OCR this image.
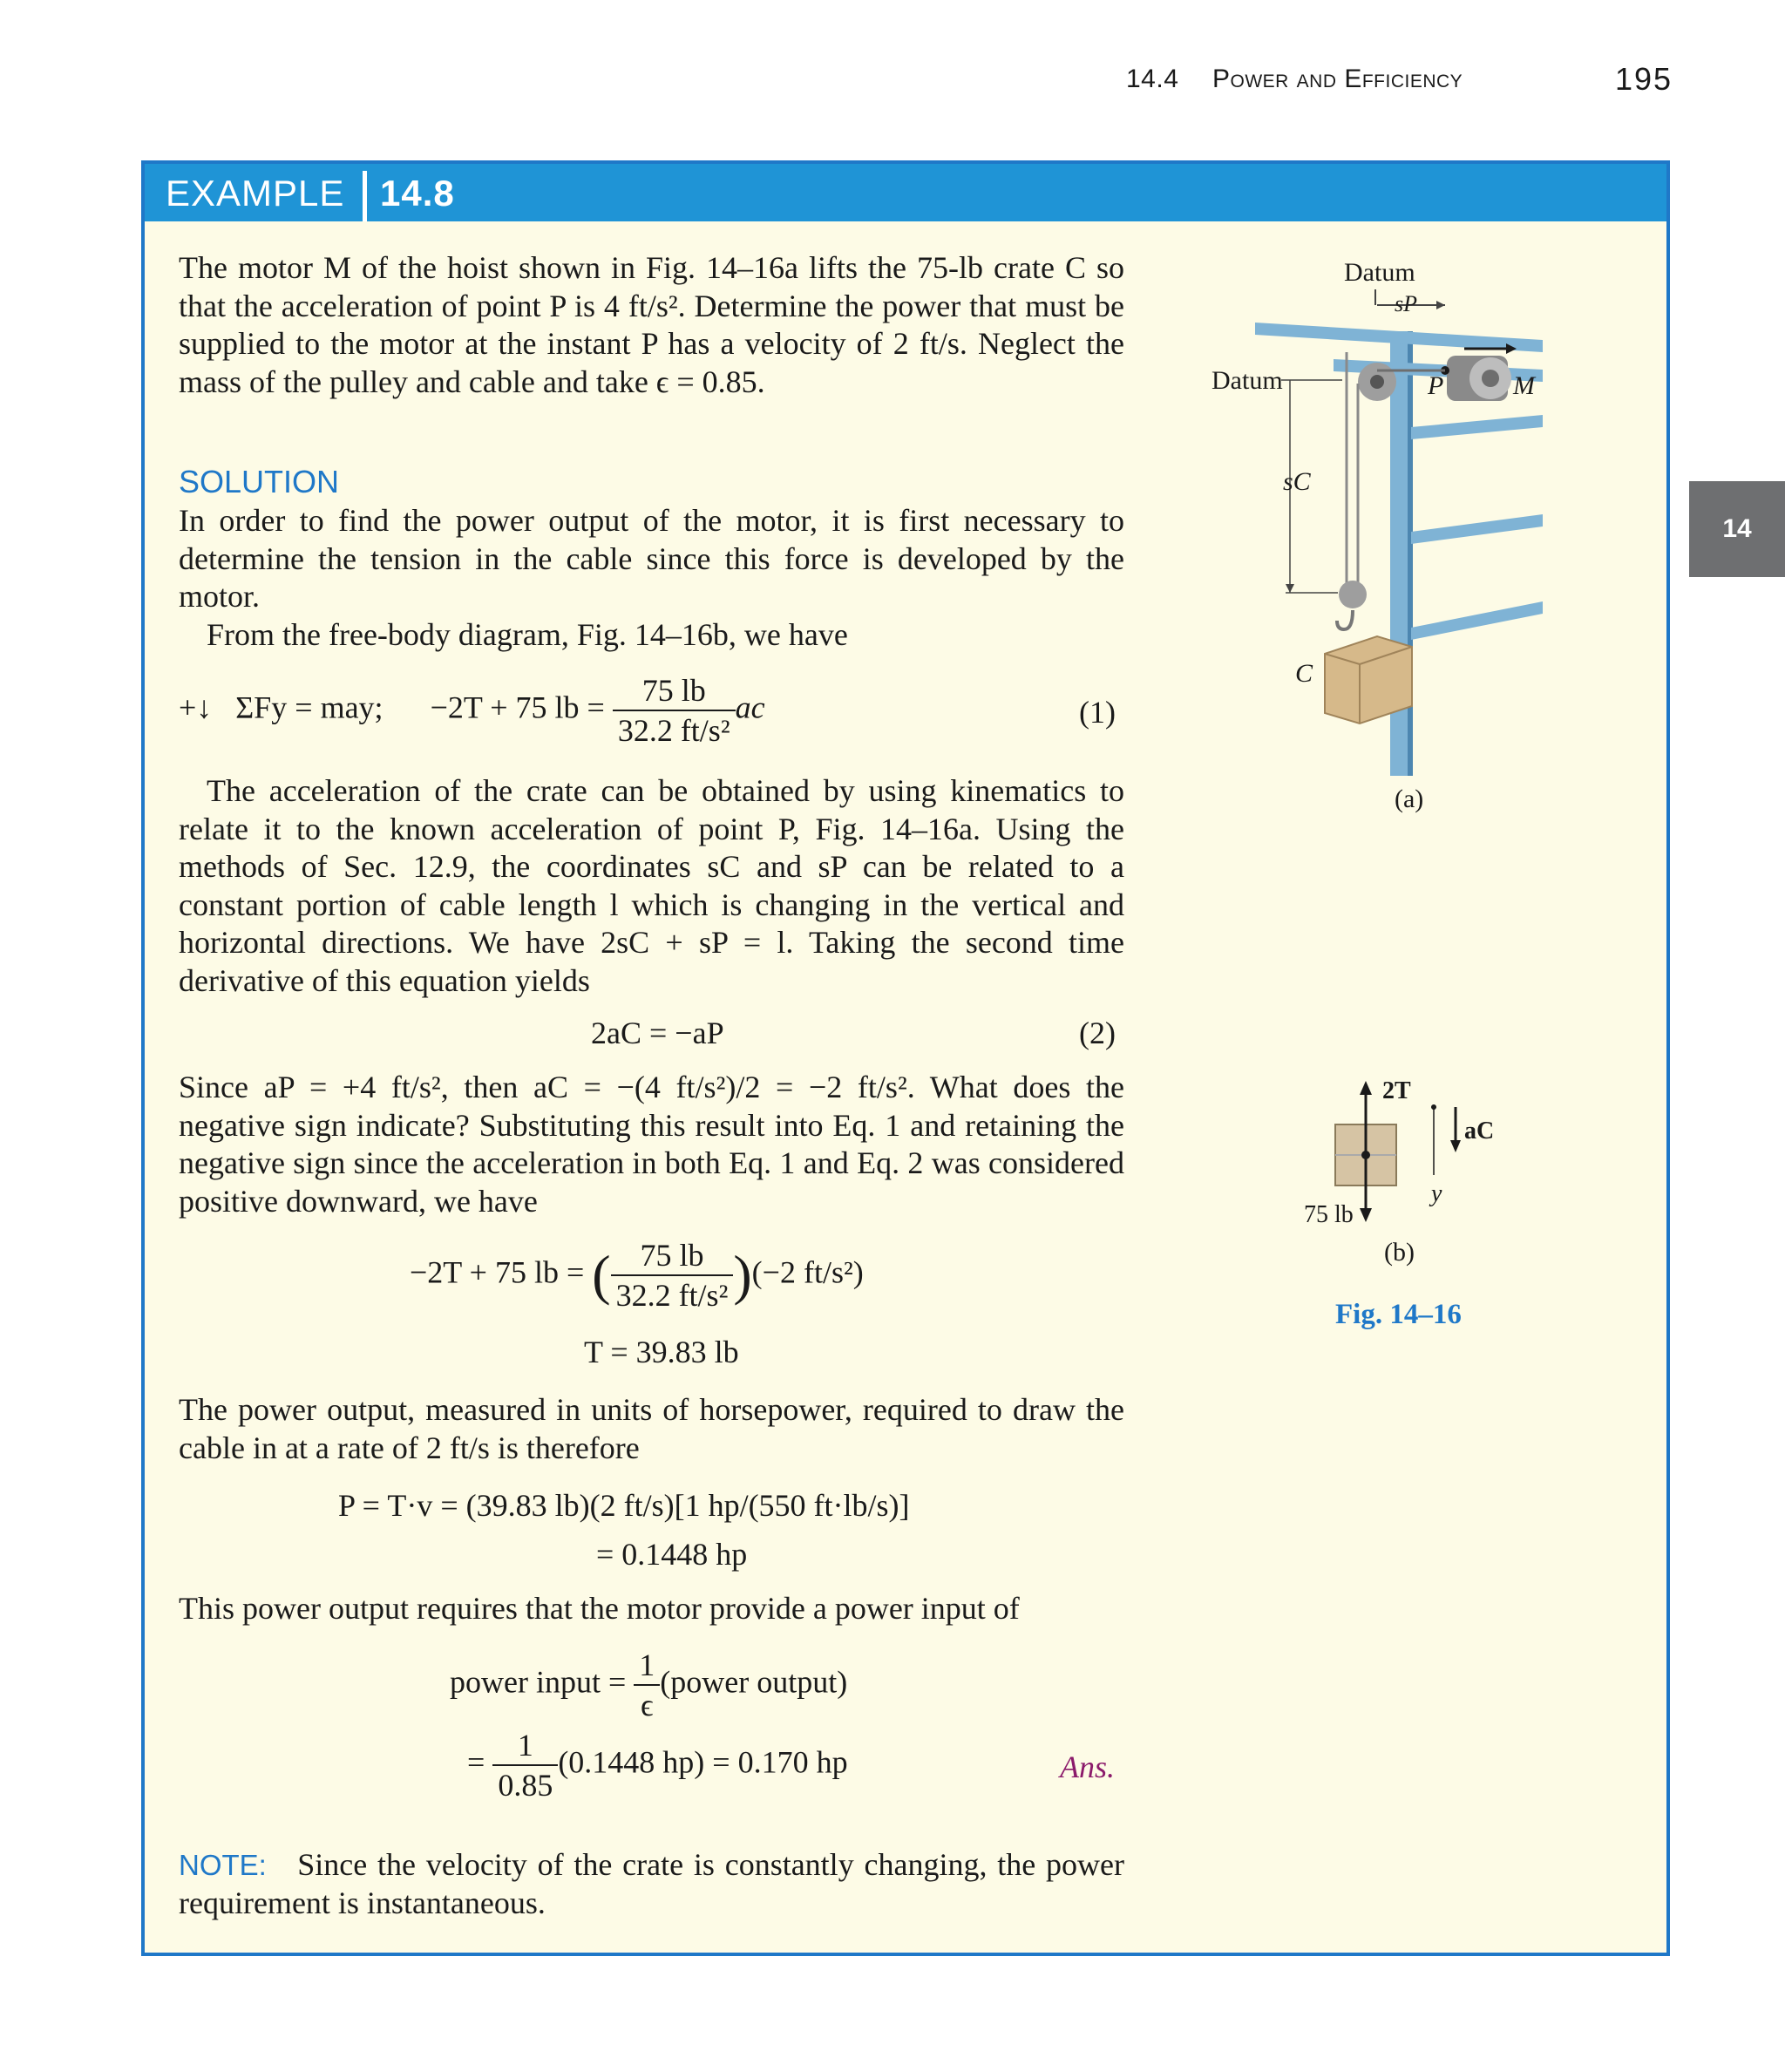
14.4 Power and Efficiency	195
14
EXAMPLE 14.8

The motor M of the hoist shown in Fig. 14–16a lifts the 75-lb crate C so that the acceleration of point P is 4 ft/s². Determine the power that must be supplied to the motor at the instant P has a velocity of 2 ft/s. Neglect the mass of the pulley and cable and take ϵ = 0.85.

SOLUTION

In order to find the power output of the motor, it is first necessary to determine the tension in the cable since this force is developed by the motor.

From the free-body diagram, Fig. 14–16b, we have

+↓   ΣFy = may;      −2T + 75 lb = $\frac{75 lb}{\text{32.2 ft/s²}}$ ac	(1)

The acceleration of the crate can be obtained by using kinematics to relate it to the known acceleration of point P, Fig. 14–16a. Using the methods of Sec. 12.9, the coordinates sC and sP can be related to a constant portion of cable length l which is changing in the vertical and horizontal directions. We have 2sC + sP = l. Taking the second time derivative of this equation yields

2aC = −aP	(2)

Since aP = +4 ft/s², then aC = −(4 ft/s²)/2 = −2 ft/s². What does the negative sign indicate? Substituting this result into Eq. 1 and retaining the negative sign since the acceleration in both Eq. 1 and Eq. 2 was considered positive downward, we have

−2T + 75 lb = ( $\frac{75 lb}{\text{32.2 ft/s²}} )(-2$ ft/s²)
T = 39.83 lb

The power output, measured in units of horsepower, required to draw the cable in at a rate of 2 ft/s is therefore

P = T·v = (39.83 lb)(2 ft/s)[1 hp/(550 ft·lb/s)]
= 0.1448 hp

This power output requires that the motor provide a power input of

power input = $\frac{1}{\epsilon}$ (power output)
= $\frac{1}{0.85} (0.1448$ hp) = 0.170 hp	Ans.

NOTE: Since the velocity of the crate is constantly changing, the power requirement is instantaneous.

Datum
sP
Datum	P	M
sC
C
(a)
2T
aC
75 lb
y
(b)
Fig. 14–16
